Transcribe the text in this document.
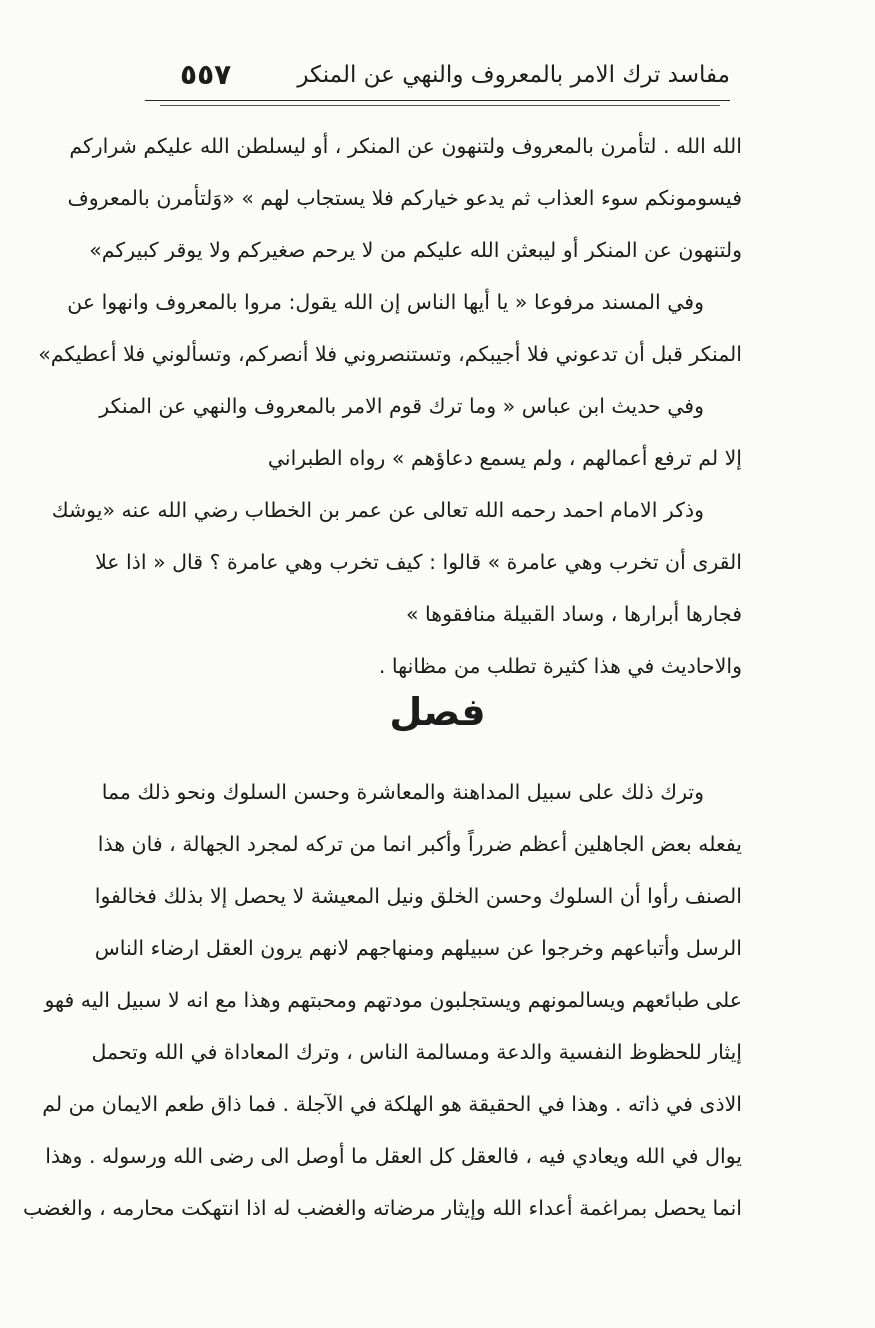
مفاسد ترك الامر بالمعروف والنهي عن المنكر
٥٥٧
الله الله . لتأمرن بالمعروف ولتنهون عن المنكر ، أو ليسلطن الله عليكم شراركم
فيسومونكم سوء العذاب ثم يدعو خياركم فلا يستجاب لهم » «وَلتأمرن بالمعروف
ولتنهون عن المنكر أو ليبعثن الله عليكم من لا يرحم صغيركم ولا يوقر كبيركم»
وفي المسند مرفوعا « يا أيها الناس إن الله يقول: مروا بالمعروف وانهوا عن
المنكر قبل أن تدعوني فلا أجيبكم، وتستنصروني فلا أنصركم، وتسألوني فلا أعطيكم»
وفي حديث ابن عباس « وما ترك قوم الامر بالمعروف والنهي عن المنكر
إلا لم ترفع أعمالهم ، ولم يسمع دعاؤهم » رواه الطبراني
وذكر الامام احمد رحمه الله تعالى عن عمر بن الخطاب رضي الله عنه «يوشك
القرى أن تخرب وهي عامرة » قالوا : كيف تخرب وهي عامرة ؟ قال « اذا علا
فجارها أبرارها ، وساد القبيلة منافقوها »
والاحاديث في هذا كثيرة تطلب من مظانها .
فصل
وترك ذلك على سبيل المداهنة والمعاشرة وحسن السلوك ونحو ذلك مما
يفعله بعض الجاهلين أعظم ضرراً وأكبر انما من تركه لمجرد الجهالة ، فان هذا
الصنف رأوا أن السلوك وحسن الخلق ونيل المعيشة لا يحصل إلا بذلك فخالفوا
الرسل وأتباعهم وخرجوا عن سبيلهم ومنهاجهم لانهم يرون العقل ارضاء الناس
على طبائعهم ويسالمونهم ويستجلبون مودتهم ومحبتهم وهذا مع انه لا سبيل اليه فهو
إيثار للحظوظ النفسية والدعة ومسالمة الناس ، وترك المعاداة في الله وتحمل
الاذى في ذاته . وهذا في الحقيقة هو الهلكة في الآجلة . فما ذاق طعم الايمان من لم
يوال في الله ويعادي فيه ، فالعقل كل العقل ما أوصل الى رضى الله ورسوله . وهذا
انما يحصل بمراغمة أعداء الله وإيثار مرضاته والغضب له اذا انتهكت محارمه ، والغضب
